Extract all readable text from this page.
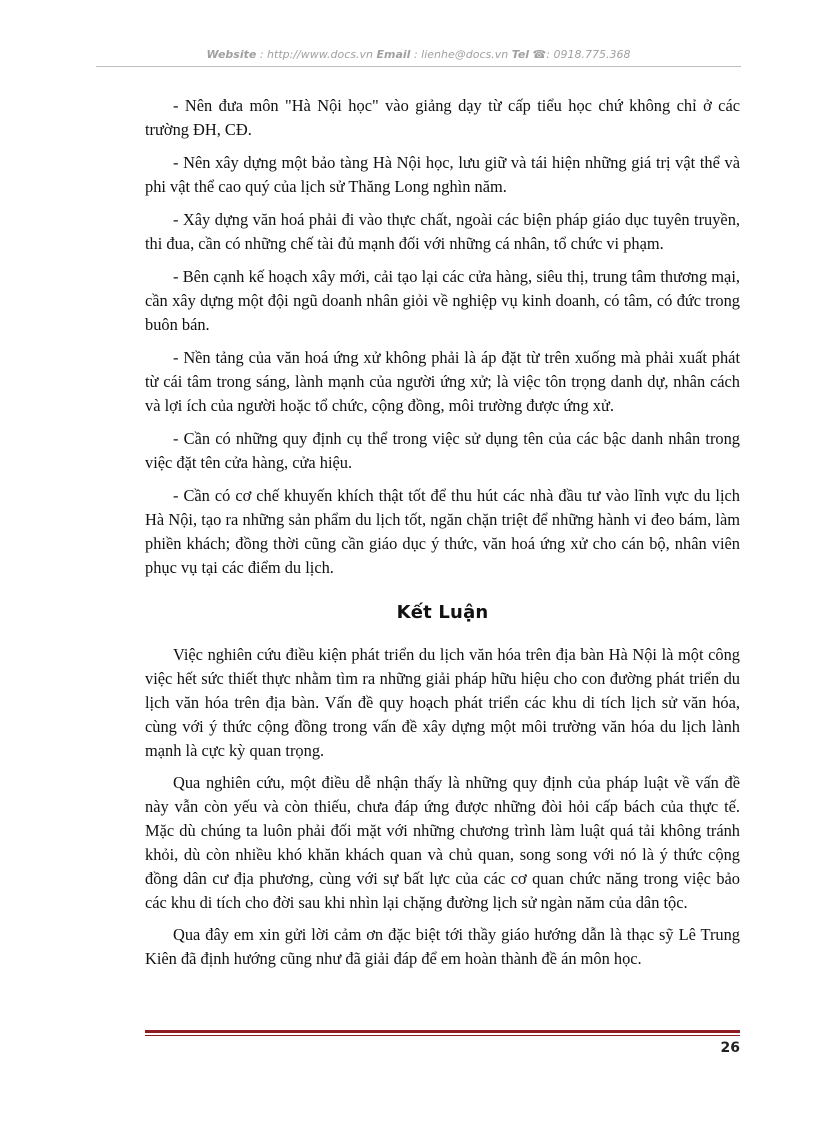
Website : http://www.docs.vn Email : lienhe@docs.vn Tel ☎: 0918.775.368

- Nên đưa môn "Hà Nội học" vào giảng dạy từ cấp tiểu học chứ không chỉ ở các trường ĐH, CĐ.

- Nên xây dựng một bảo tàng Hà Nội học, lưu giữ và tái hiện những giá trị vật thể và phi vật thể cao quý của lịch sử Thăng Long nghìn năm.

- Xây dựng văn hoá phải đi vào thực chất, ngoài các biện pháp giáo dục tuyên truyền, thi đua, cần có những chế tài đủ mạnh đối với những cá nhân, tổ chức vi phạm.

- Bên cạnh kế hoạch xây mới, cải tạo lại các cửa hàng, siêu thị, trung tâm thương mại, cần xây dựng một đội ngũ doanh nhân giỏi về nghiệp vụ kinh doanh, có tâm, có đức trong buôn bán.

- Nền tảng của văn hoá ứng xử không phải là áp đặt từ trên xuống mà phải xuất phát từ cái tâm trong sáng, lành mạnh của người ứng xử; là việc tôn trọng danh dự, nhân cách và lợi ích của người hoặc tổ chức, cộng đồng, môi trường được ứng xử.

- Cần có những quy định cụ thể trong việc sử dụng tên của các bậc danh nhân trong việc đặt tên cửa hàng, cửa hiệu.

- Cần có cơ chế khuyến khích thật tốt để thu hút các nhà đầu tư vào lĩnh vực du lịch Hà Nội, tạo ra những sản phẩm du lịch tốt, ngăn chặn triệt để những hành vi đeo bám, làm phiền khách; đồng thời cũng cần giáo dục ý thức, văn hoá ứng xử cho cán bộ, nhân viên phục vụ tại các điểm du lịch.

Kết Luận

Việc nghiên cứu điều kiện phát triển du lịch văn hóa trên địa bàn Hà Nội là một công việc hết sức thiết thực nhằm tìm ra những giải pháp hữu hiệu cho con đường phát triển du lịch văn hóa trên địa bàn. Vấn đề quy hoạch phát triển các khu di tích lịch sử văn hóa, cùng với ý thức cộng đồng trong vấn đề xây dựng một môi trường văn hóa du lịch lành mạnh là cực kỳ quan trọng.

Qua nghiên cứu, một điều dễ nhận thấy là những quy định của pháp luật về vấn đề này vẫn còn yếu và còn thiếu, chưa đáp ứng được những đòi hỏi cấp bách của thực tế. Mặc dù chúng ta luôn phải đối mặt với những chương trình làm luật quá tải không tránh khỏi, dù còn nhiều khó khăn khách quan và chủ quan, song song với nó là ý thức cộng đồng dân cư địa phương, cùng với sự bất lực của các cơ quan chức năng trong việc bảo các khu di tích cho đời sau khi nhìn lại chặng đường lịch sử ngàn năm của dân tộc.

Qua đây em xin gửi lời cảm ơn đặc biệt tới thầy giáo hướng dẫn là thạc sỹ Lê Trung Kiên đã định hướng cũng như đã giải đáp để em hoàn thành đề án môn học.

26
